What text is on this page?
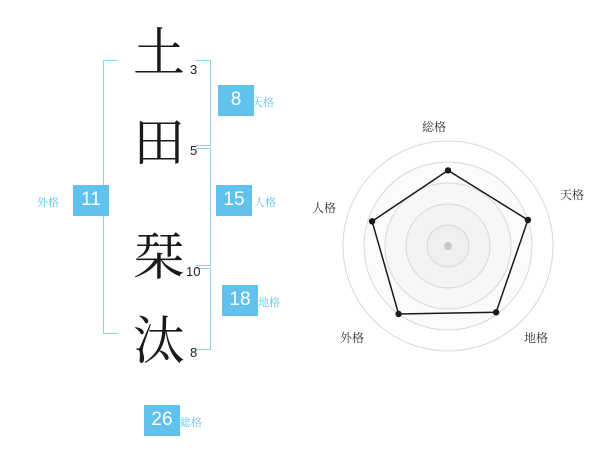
土
田
栞
汰
3
5
10
8
8 天格
15 人格
18 地格
11
外格
26 総格
総格
天格
人格
地格
外格
